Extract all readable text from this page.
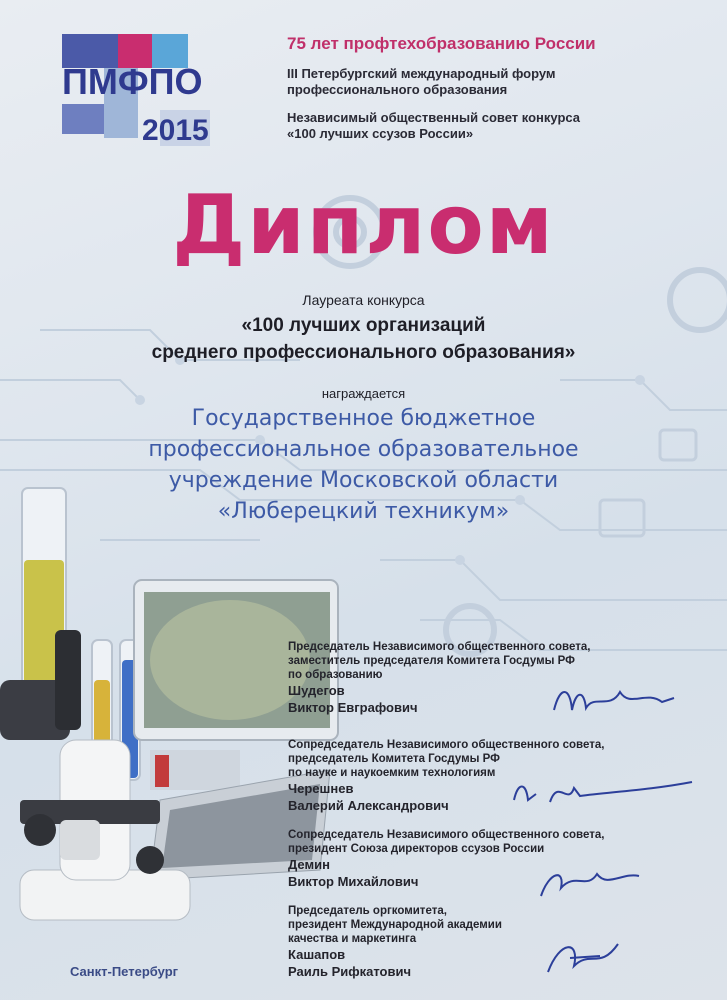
ПМФПО
2015
75 лет профтехобразованию России
III Петербургский международный форум
профессионального образования
Независимый общественный совет конкурса
«100 лучших ссузов России»
Диплом
Лауреата конкурса
«100 лучших организаций
среднего профессионального образования»
награждается
Государственное бюджетное
профессиональное образовательное
учреждение Московской области
«Люберецкий техникум»
Председатель Независимого общественного совета,
заместитель председателя Комитета Госдумы РФ
по образованию
Шудегов
Виктор Евграфович
Сопредседатель Независимого общественного совета,
председатель Комитета Госдумы РФ
по науке и наукоемким технологиям
Черешнев
Валерий Александрович
Сопредседатель Независимого общественного совета,
президент Союза директоров ссузов России
Демин
Виктор Михайлович
Председатель оргкомитета,
президент Международной академии
качества и маркетинга
Кашапов
Раиль Рифкатович
Санкт-Петербург
